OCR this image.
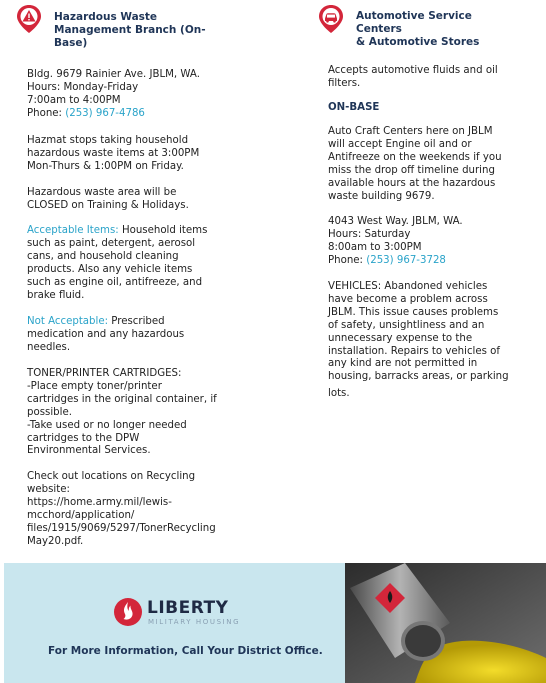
Hazardous Waste
Management Branch (On-
Base)
Bldg. 9679 Rainier Ave. JBLM, WA.
Hours: Monday-Friday
7:00am to 4:00PM
Phone: (253) 967-4786
Hazmat stops taking household
hazardous waste items at 3:00PM
Mon-Thurs & 1:00PM on Friday.
Hazardous waste area will be
CLOSED on Training & Holidays.
Acceptable Items: Household items
such as paint, detergent, aerosol
cans, and household cleaning
products. Also any vehicle items
such as engine oil, antifreeze, and
brake fluid.
Not Acceptable: Prescribed
medication and any hazardous
needles.
TONER/PRINTER CARTRIDGES:
-Place empty toner/printer
cartridges in the original container, if
possible.
-Take used or no longer needed
cartridges to the DPW
Environmental Services.
Check out locations on Recycling
website:
https://home.army.mil/lewis-
mcchord/application/
files/1915/9069/5297/TonerRecycling
May20.pdf.
Automotive Service
Centers
& Automotive Stores
Accepts automotive fluids and oil
filters.
ON-BASE
Auto Craft Centers here on JBLM
will accept Engine oil and or
Antifreeze on the weekends if you
miss the drop off timeline during
available hours at the hazardous
waste building 9679.
4043 West Way. JBLM, WA.
Hours: Saturday
8:00am to 3:00PM
Phone: (253) 967-3728
VEHICLES: Abandoned vehicles
have become a problem across
JBLM. This issue causes problems
of safety, unsightliness and an
unnecessary expense to the
installation. Repairs to vehicles of
any kind are not permitted in
housing, barracks areas, or parking
lots.
LIBERTY
MILITARY HOUSING
For More Information, Call Your District Office.
